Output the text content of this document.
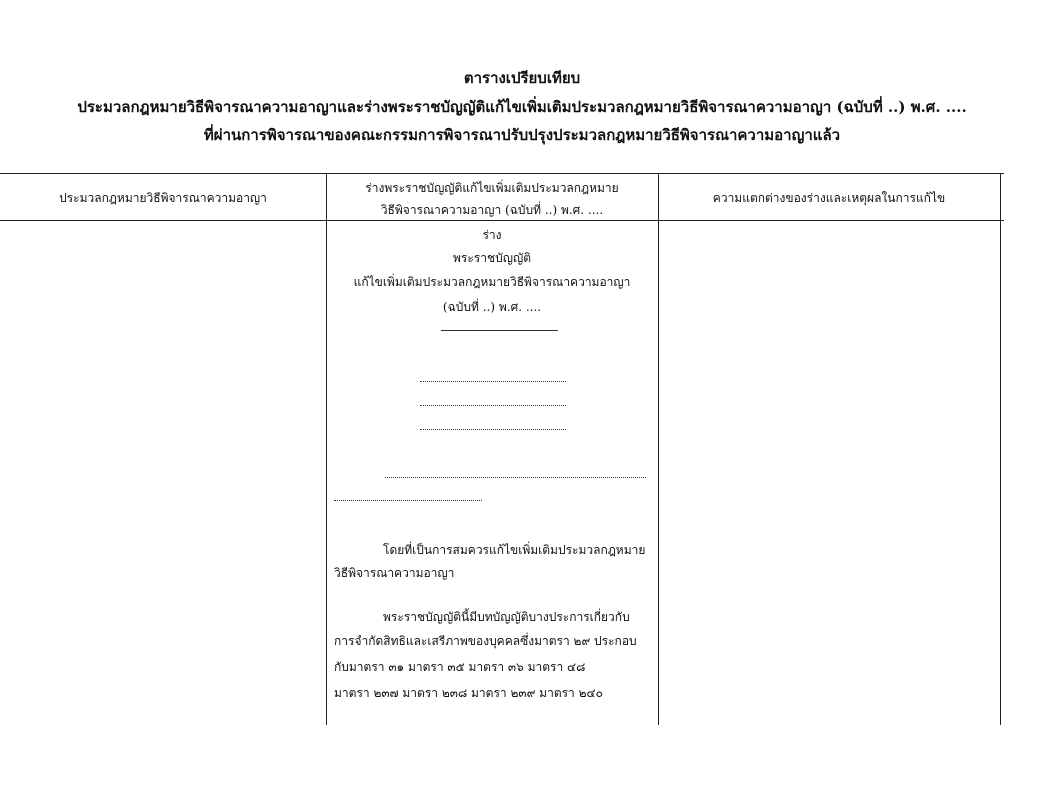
ตารางเปรียบเทียบ
ประมวลกฎหมายวิธีพิจารณาความอาญาและร่างพระราชบัญญัติแก้ไขเพิ่มเติมประมวลกฎหมายวิธีพิจารณาความอาญา (ฉบับที่ ..) พ.ศ. ....
ที่ผ่านการพิจารณาของคณะกรรมการพิจารณาปรับปรุงประมวลกฎหมายวิธีพิจารณาความอาญาแล้ว
ประมวลกฎหมายวิธีพิจารณาความอาญา
ร่างพระราชบัญญัติแก้ไขเพิ่มเติมประมวลกฎหมาย
วิธีพิจารณาความอาญา (ฉบับที่ ..) พ.ศ. ....
ความแตกต่างของร่างและเหตุผลในการแก้ไข
ร่าง
พระราชบัญญัติ
แก้ไขเพิ่มเติมประมวลกฎหมายวิธีพิจารณาความอาญา
(ฉบับที่ ..) พ.ศ. ....
โดยที่เป็นการสมควรแก้ไขเพิ่มเติมประมวลกฎหมาย
วิธีพิจารณาความอาญา
พระราชบัญญัตินี้มีบทบัญญัติบางประการเกี่ยวกับ
การจำกัดสิทธิและเสรีภาพของบุคคลซึ่งมาตรา ๒๙ ประกอบ
กับมาตรา ๓๑ มาตรา ๓๕ มาตรา ๓๖ มาตรา ๔๘
มาตรา ๒๓๗ มาตรา ๒๓๘ มาตรา ๒๓๙ มาตรา ๒๔๐
